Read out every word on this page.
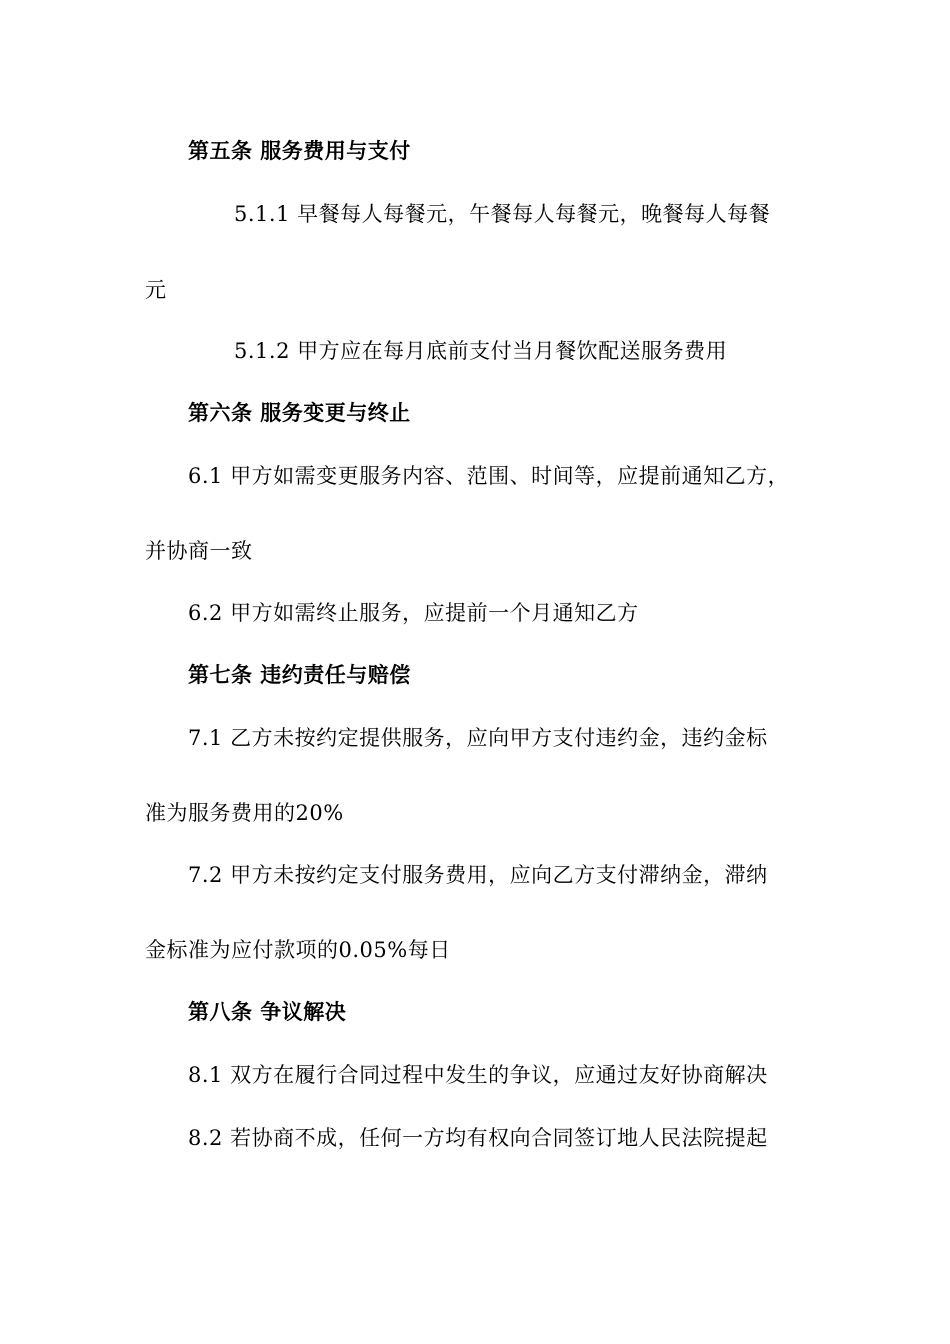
第五条 服务费用与支付
5.1.1 早餐每人每餐元，午餐每人每餐元，晚餐每人每餐
元
5.1.2 甲方应在每月底前支付当月餐饮配送服务费用
第六条 服务变更与终止
6.1 甲方如需变更服务内容、范围、时间等，应提前通知乙方，
并协商一致
6.2 甲方如需终止服务，应提前一个月通知乙方
第七条 违约责任与赔偿
7.1 乙方未按约定提供服务，应向甲方支付违约金，违约金标
准为服务费用的20%
7.2 甲方未按约定支付服务费用，应向乙方支付滞纳金，滞纳
金标准为应付款项的0.05%每日
第八条 争议解决
8.1 双方在履行合同过程中发生的争议，应通过友好协商解决
8.2 若协商不成，任何一方均有权向合同签订地人民法院提起
